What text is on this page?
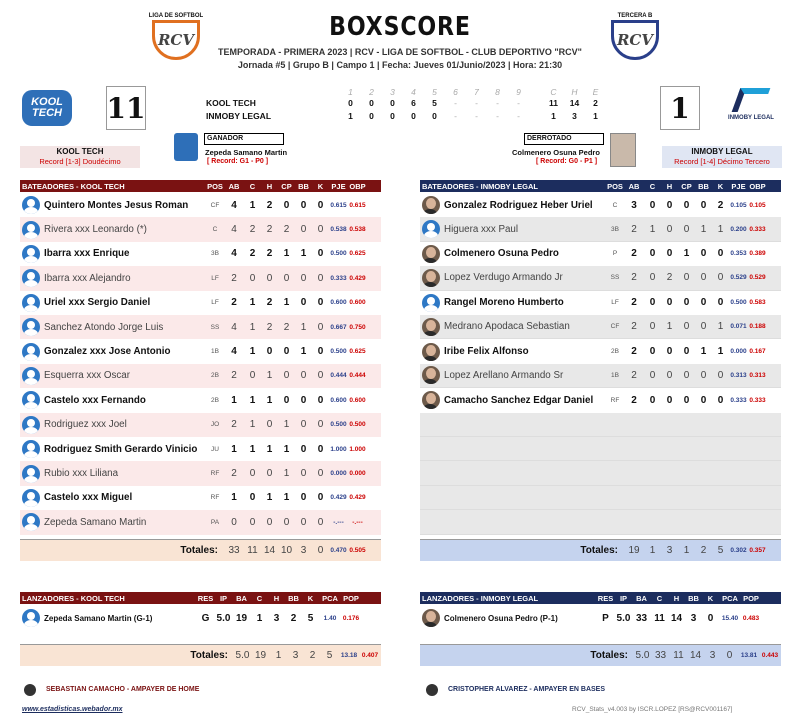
LIGA DE SOFTBOL
RCV
TERCERA B
RCV
BOXSCORE
TEMPORADA - PRIMERA 2023 | RCV - LIGA DE SOFTBOL - CLUB DEPORTIVO "RCV"
Jornada #5 | Grupo B | Campo 1 | Fecha: Jueves 01/Junio/2023 | Hora: 21:30
KOOL TECH	INMOBY LEGAL
11	1
1 2 3 4 5 6 7 8 9	C H E
KOOL TECH	0 0 0 6 5 - - - -	11 14 2
INMOBY LEGAL	1 0 0 0 0 - - - -	1 3 1
KOOL TECH
Record [1-3] Doudécimo
INMOBY LEGAL
Record [1-4] Décimo Tercero
GANADOR
Zepeda Samano Martin
[ Record: G1 - P0 ]
DERROTADO
Colmenero Osuna Pedro
[ Record: G0 - P1 ]
BATEADORES - KOOL TECH	POS AB	C	H	CP BB	K	PJE OBP
Quintero Montes Jesus Roman	CF	4	1	2	0	0	0	0.615 0.615
Rivera xxx Leonardo (*)	C	4	2	2	2	0	0	0.538 0.538
Ibarra xxx Enrique	3B	4	2	2	1	1	0	0.500 0.625
Ibarra xxx Alejandro	LF	2	0	0	0	0	0	0.333 0.429
Uriel xxx Sergio Daniel	LF	2	1	2	1	0	0	0.600 0.600
Sanchez Atondo Jorge Luis	SS	4	1	2	2	1	0	0.667 0.750
Gonzalez xxx Jose Antonio	1B	4	1	0	0	1	0	0.500 0.625
Esquerra xxx Oscar	2B	2	0	1	0	0	0	0.444 0.444
Castelo xxx Fernando	2B	1	1	1	0	0	0	0.600 0.600
Rodriguez xxx Joel	JO	2	1	0	1	0	0	0.500 0.500
Rodriguez Smith Gerardo Vinicio	JU	1	1	1	1	0	0	1.000 1.000
Rubio xxx Liliana	RF	2	0	0	1	0	0	0.000 0.000
Castelo xxx Miguel	RF	1	0	1	1	0	0	0.429 0.429
Zepeda Samano Martin	PA	0	0	0	0	0	0	-.---	-.---
Totales:	33 11 14 10 3	0	0.470 0.505
BATEADORES - INMOBY LEGAL	POS AB	C	H	CP BB	K	PJE OBP
Gonzalez Rodriguez Heber Uriel	C	3	0	0	0	0	2	0.105 0.105
Higuera xxx Paul	3B	2	1	0	0	1	1	0.200 0.333
Colmenero Osuna Pedro	P	2	0	0	1	0	0	0.353 0.389
Lopez Verdugo Armando Jr	SS	2	0	2	0	0	0	0.529 0.529
Rangel Moreno Humberto	LF	2	0	0	0	0	0	0.500 0.583
Medrano Apodaca Sebastian	CF	2	0	1	0	0	1	0.071 0.188
Iribe Felix Alfonso	2B	2	0	0	0	1	1	0.000 0.167
Lopez Arellano Armando Sr	1B	2	0	0	0	0	0	0.313 0.313
Camacho Sanchez Edgar Daniel	RF	2	0	0	0	0	0	0.333 0.333
Totales:	19	1	3	1	2	5	0.302 0.357
LANZADORES - KOOL TECH	RES IP	BA	C	H	BB	K	PCA POP
Zepeda Samano Martin (G-1)	G 5.0 19 1	3	2	5	1.40	0.176
Totales: 5.0 19 1	3	2	5	13.18 0.407
LANZADORES - INMOBY LEGAL	RES IP	BA	C	H	BB	K	PCA POP
Colmenero Osuna Pedro (P-1)	P 5.0 33 11 14 3	0	15.40 0.483
Totales: 5.0 33 11 14 3	0	13.81 0.443
SEBASTIAN CAMACHO - AMPAYER DE HOME	CRISTOPHER ALVAREZ - AMPAYER EN BASES
www.estadisticas.webador.mx	RCV_Stats_v4.003 by ISCR.LOPEZ [RS@RCV001167]
